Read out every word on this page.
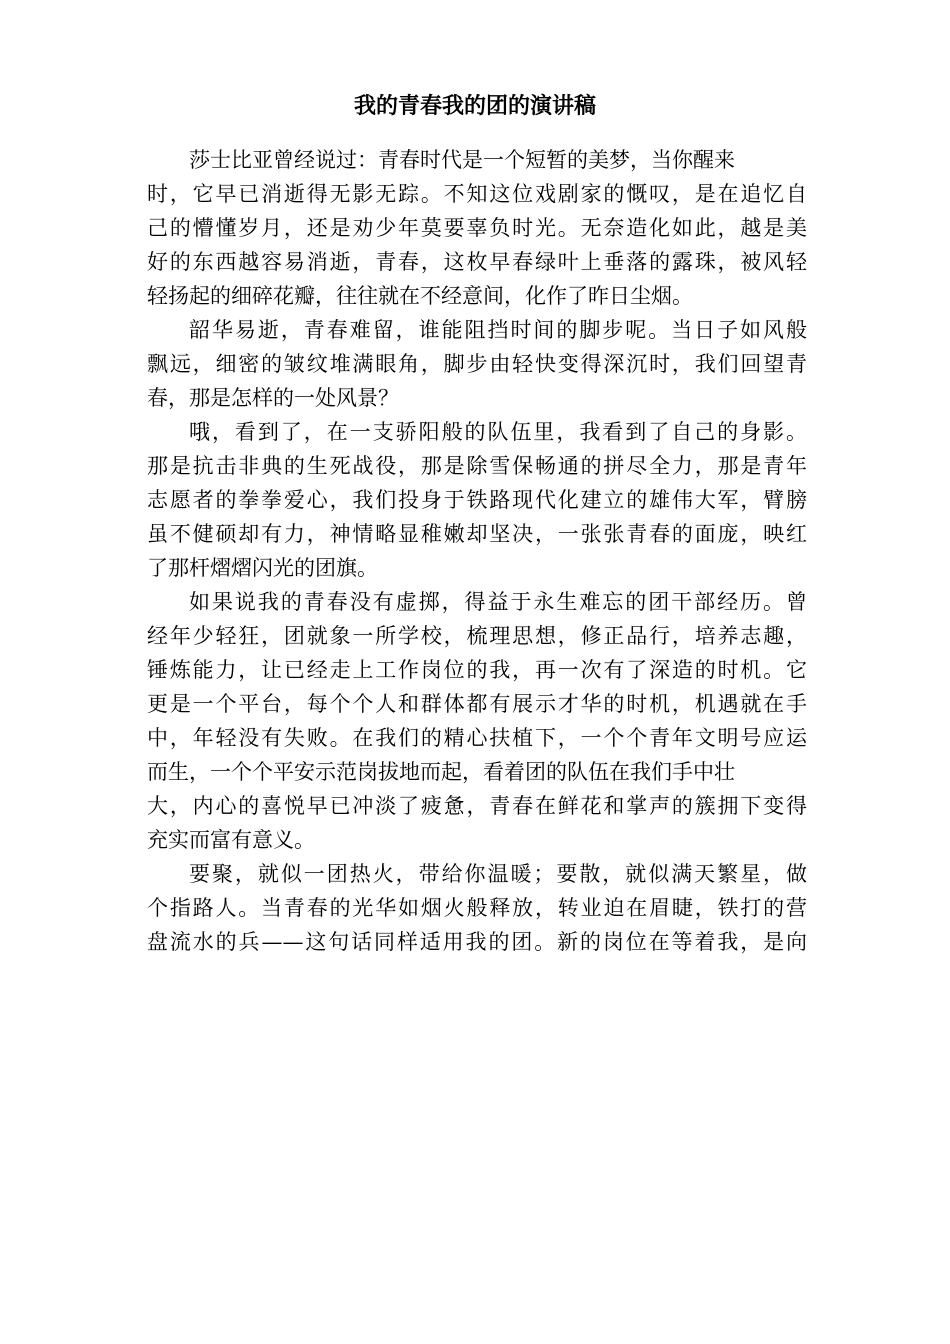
我的青春我的团的演讲稿
莎士比亚曾经说过：青春时代是一个短暂的美梦，当你醒来
时，它早已消逝得无影无踪。不知这位戏剧家的慨叹，是在追忆自
己的懵懂岁月，还是劝少年莫要辜负时光。无奈造化如此，越是美
好的东西越容易消逝，青春，这枚早春绿叶上垂落的露珠，被风轻
轻扬起的细碎花瓣，往往就在不经意间，化作了昨日尘烟。
韶华易逝，青春难留，谁能阻挡时间的脚步呢。当日子如风般
飘远，细密的皱纹堆满眼角，脚步由轻快变得深沉时，我们回望青
春，那是怎样的一处风景？
哦，看到了，在一支骄阳般的队伍里，我看到了自己的身影。
那是抗击非典的生死战役，那是除雪保畅通的拼尽全力，那是青年
志愿者的拳拳爱心，我们投身于铁路现代化建立的雄伟大军，臂膀
虽不健硕却有力，神情略显稚嫩却坚决，一张张青春的面庞，映红
了那杆熠熠闪光的团旗。
如果说我的青春没有虚掷，得益于永生难忘的团干部经历。曾
经年少轻狂，团就象一所学校，梳理思想，修正品行，培养志趣，
锤炼能力，让已经走上工作岗位的我，再一次有了深造的时机。它
更是一个平台，每个个人和群体都有展示才华的时机，机遇就在手
中，年轻没有失败。在我们的精心扶植下，一个个青年文明号应运
而生，一个个平安示范岗拔地而起，看着团的队伍在我们手中壮
大，内心的喜悦早已冲淡了疲惫，青春在鲜花和掌声的簇拥下变得
充实而富有意义。
要聚，就似一团热火，带给你温暖；要散，就似满天繁星，做
个指路人。当青春的光华如烟火般释放，转业迫在眉睫，铁打的营
盘流水的兵——这句话同样适用我的团。新的岗位在等着我，是向
